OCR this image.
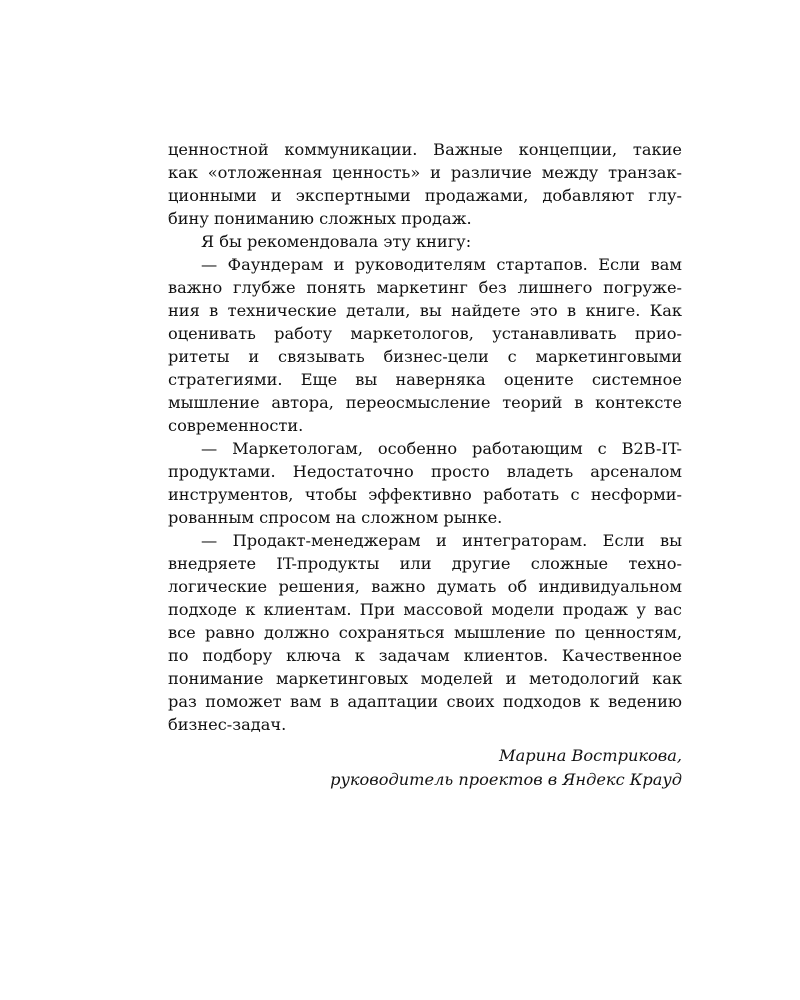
ценностной коммуникации. Важные концепции, такие
как «отложенная ценность» и различие между транзак-
ционными и экспертными продажами, добавляют глу-
бину пониманию сложных продаж.
Я бы рекомендовала эту книгу:
— Фаундерам и руководителям стартапов. Если вам
важно глубже понять маркетинг без лишнего погруже-
ния в технические детали, вы найдете это в книге. Как
оценивать работу маркетологов, устанавливать прио-
ритеты и связывать бизнес-цели с маркетинговыми
стратегиями. Еще вы наверняка оцените системное
мышление автора, переосмысление теорий в контексте
современности.
— Маркетологам, особенно работающим с B2B-IT-
продуктами. Недостаточно просто владеть арсеналом
инструментов, чтобы эффективно работать с несформи-
рованным спросом на сложном рынке.
— Продакт-менеджерам и интеграторам. Если вы
внедряете IT-продукты или другие сложные техно-
логические решения, важно думать об индивидуальном
подходе к клиентам. При массовой модели продаж у вас
все равно должно сохраняться мышление по ценностям,
по подбору ключа к задачам клиентов. Качественное
понимание маркетинговых моделей и методологий как
раз поможет вам в адаптации своих подходов к ведению
бизнес-задач.
Марина Вострикова,
руководитель проектов в Яндекс Крауд
